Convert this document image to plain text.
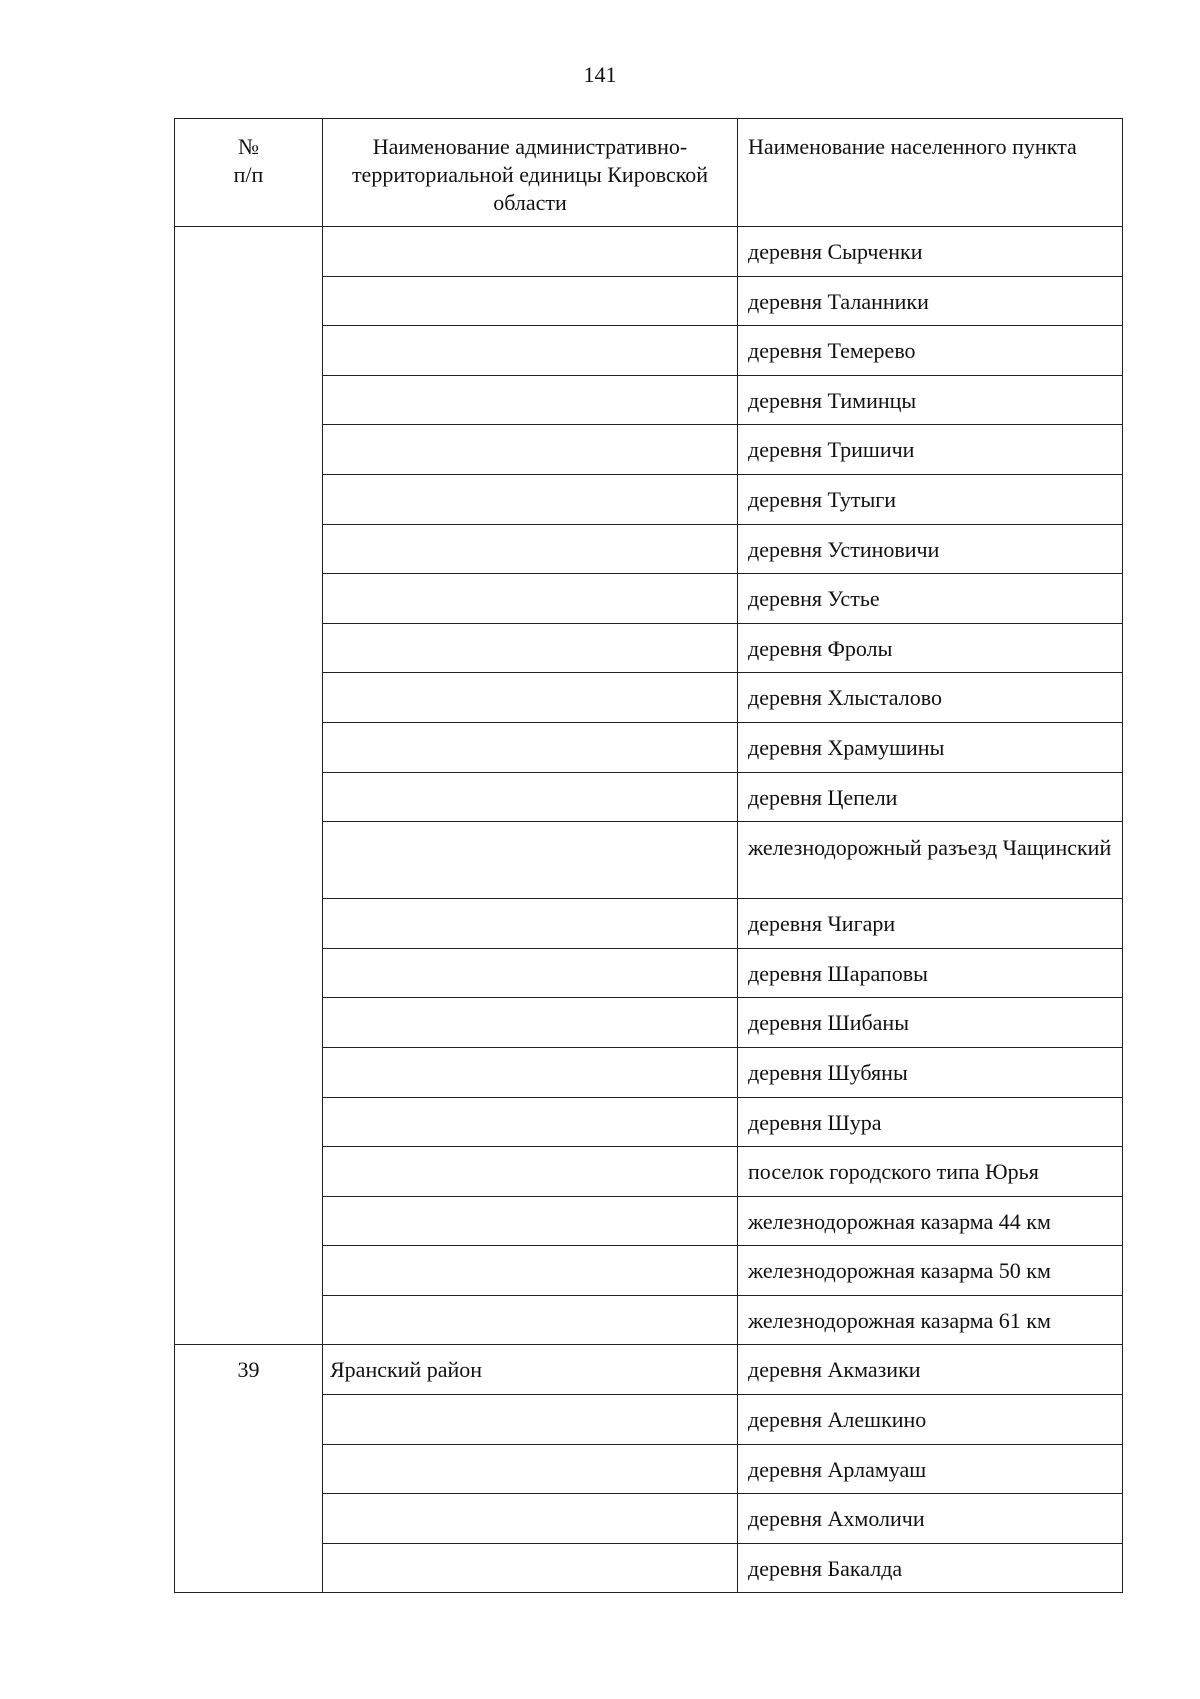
141
№
п/п	Наименование административно-территориальной единицы Кировской области	Наименование населенного пункта
		деревня Сырченки
		деревня Таланники
		деревня Темерево
		деревня Тиминцы
		деревня Тришичи
		деревня Тутыги
		деревня Устиновичи
		деревня Устье
		деревня Фролы
		деревня Хлысталово
		деревня Храмушины
		деревня Цепели
		железнодорожный разъезд Чащинский
		деревня Чигари
		деревня Шараповы
		деревня Шибаны
		деревня Шубяны
		деревня Шура
		поселок городского типа Юрья
		железнодорожная казарма 44 км
		железнодорожная казарма 50 км
		железнодорожная казарма 61 км
39	Яранский район	деревня Акмазики
		деревня Алешкино
		деревня Арламуаш
		деревня Ахмоличи
		деревня Бакалда
